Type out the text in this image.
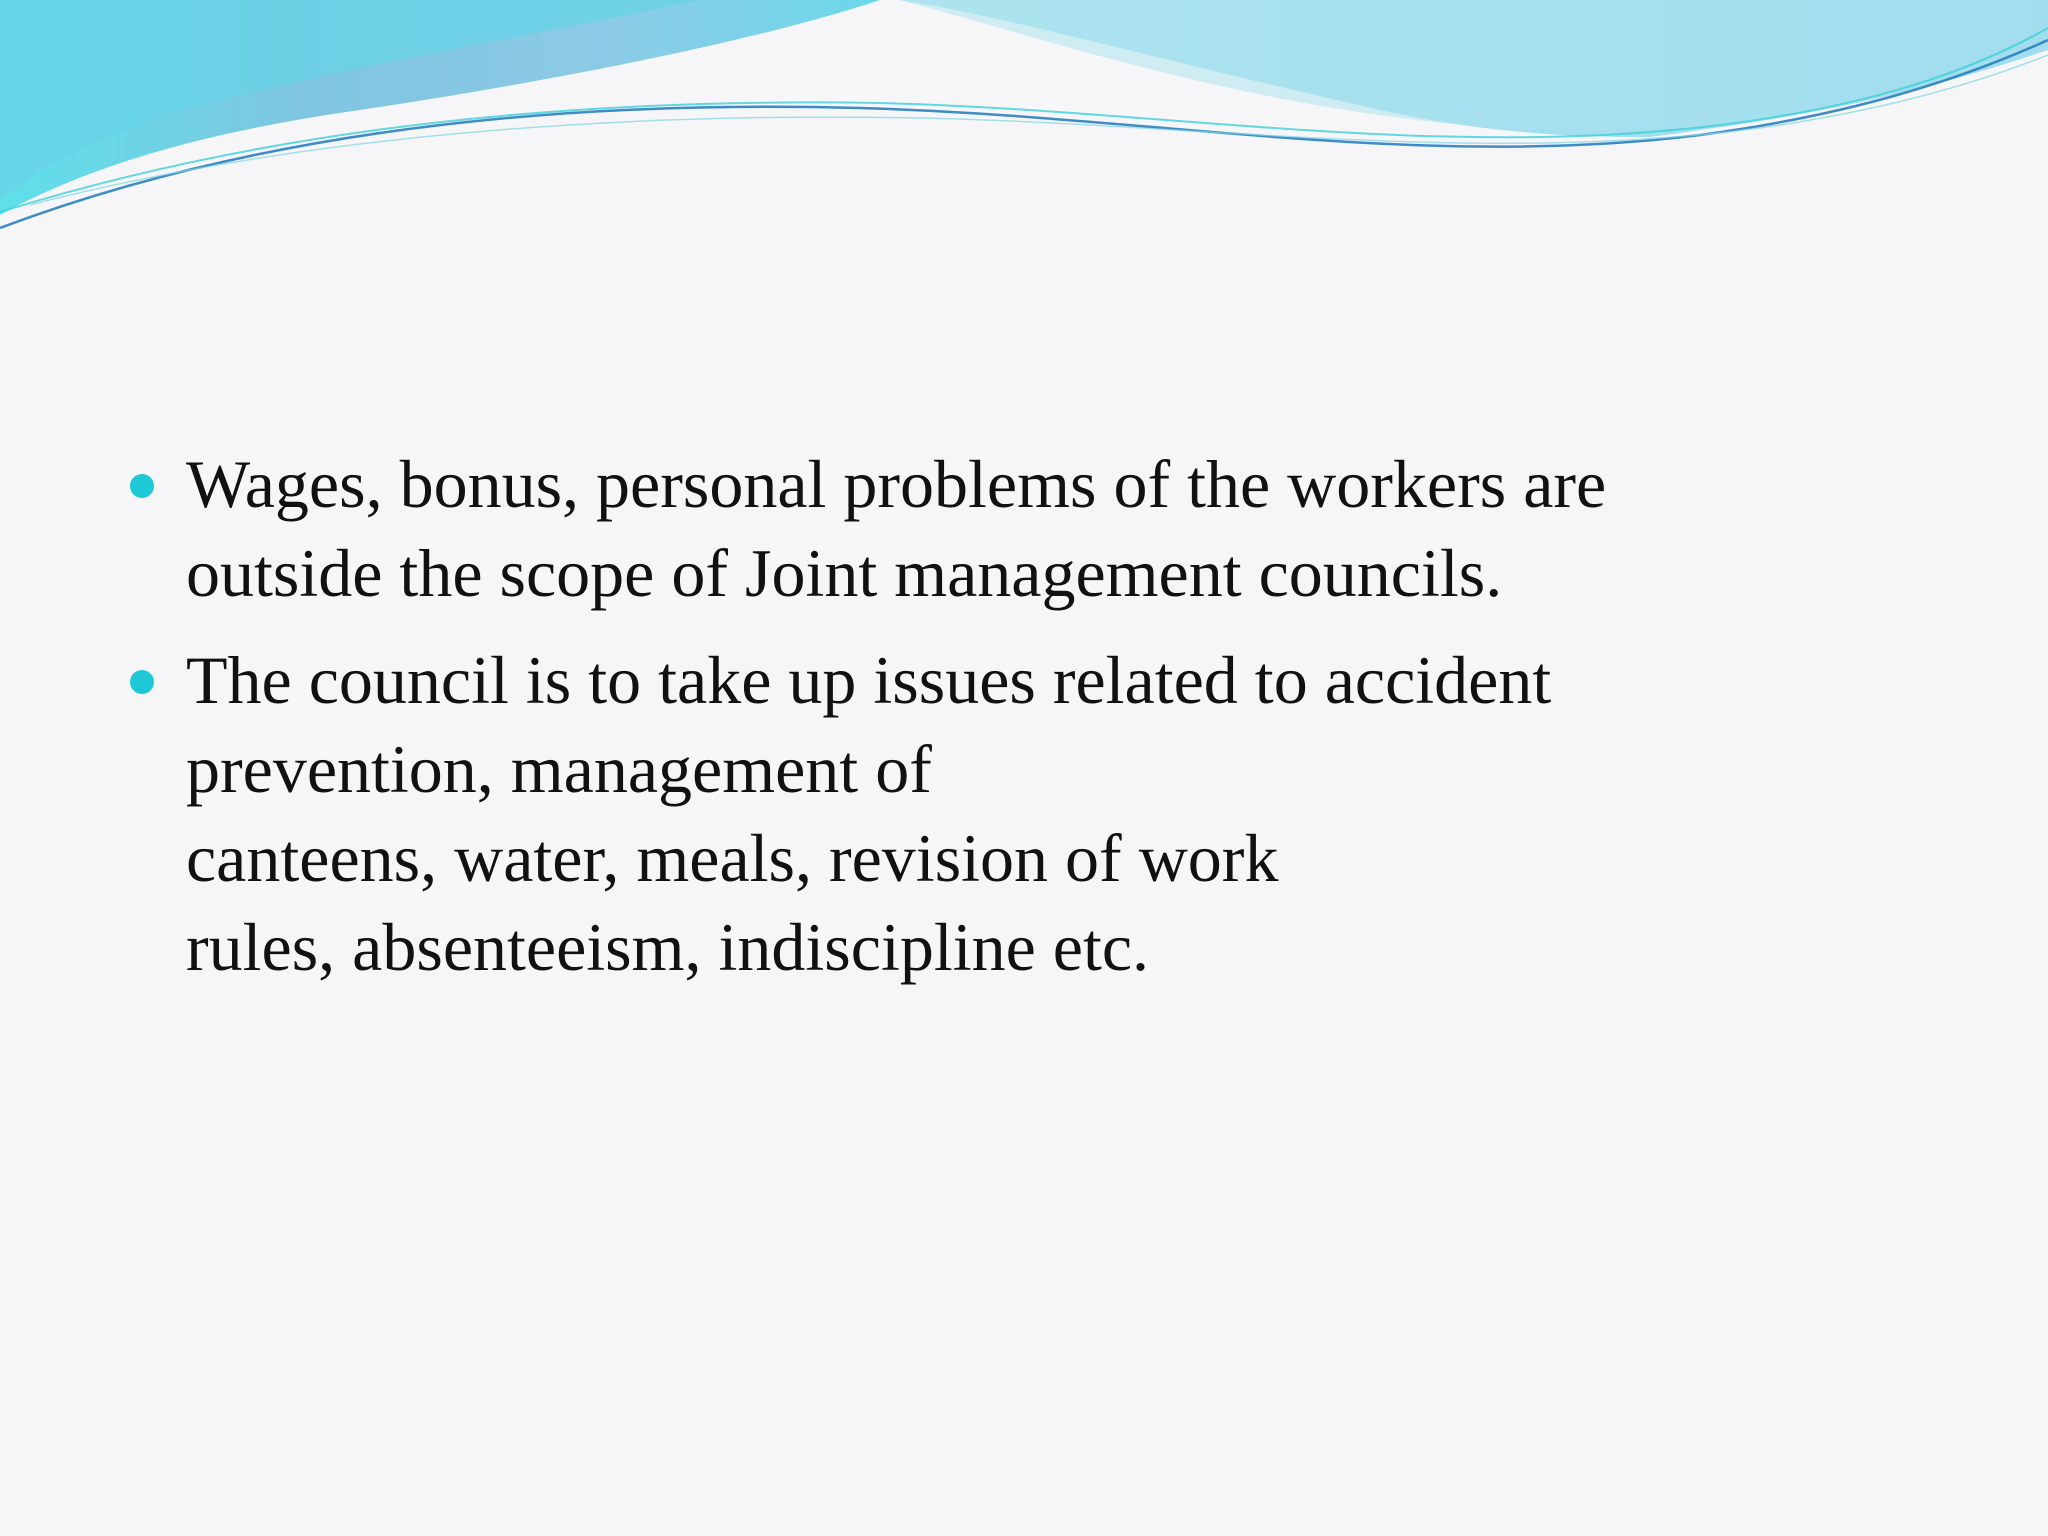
Wages, bonus, personal problems of the workers are
outside the scope of Joint management councils.
The council is to take up issues related to accident
prevention, management of
canteens, water, meals, revision of work
rules, absenteeism, indiscipline etc.
